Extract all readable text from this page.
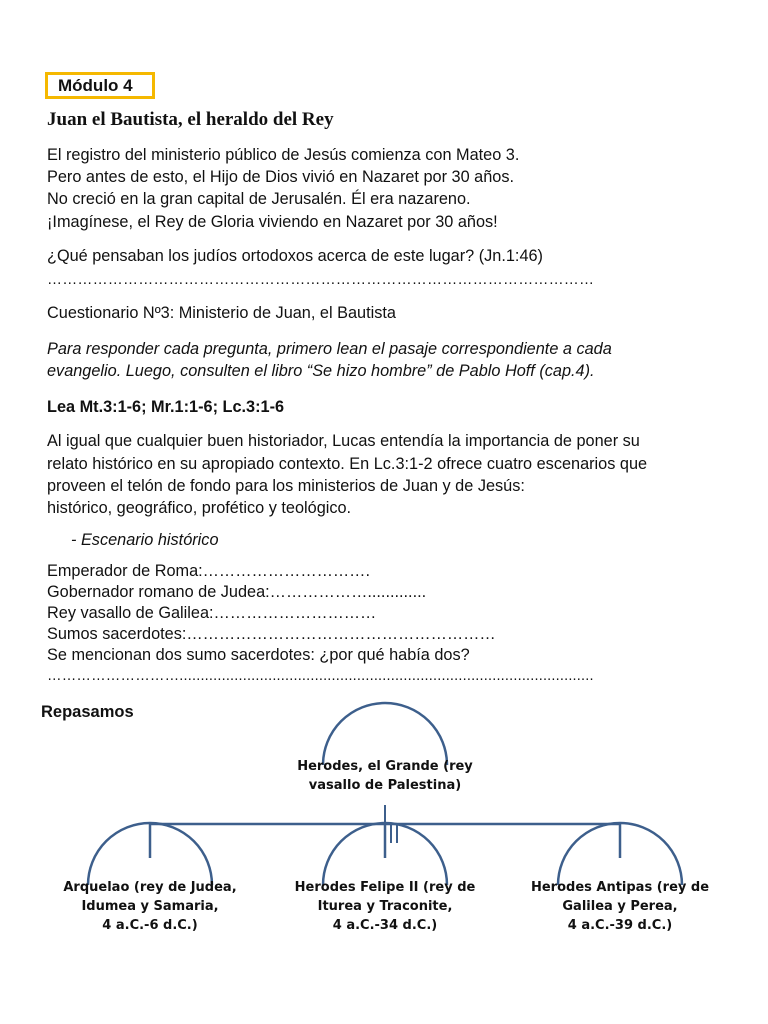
Módulo 4
Juan el Bautista, el heraldo del Rey
El registro del ministerio público de Jesús comienza con Mateo 3.
Pero antes de esto, el Hijo de Dios vivió en Nazaret por 30 años.
No creció en la gran capital de Jerusalén. Él era nazareno.
¡Imagínese, el Rey de Gloria viviendo en Nazaret por 30 años!
¿Qué pensaban los judíos ortodoxos acerca de este lugar? (Jn.1:46)
………………………………………………………………………………………………
Cuestionario Nº3: Ministerio de Juan, el Bautista
Para responder cada pregunta, primero lean el pasaje correspondiente a cada
evangelio. Luego, consulten el libro “Se hizo hombre” de Pablo Hoff (cap.4).
Lea Mt.3:1-6; Mr.1:1-6; Lc.3:1-6
Al igual que cualquier buen historiador, Lucas entendía la importancia de poner su
relato histórico en su apropiado contexto. En Lc.3:1-2 ofrece cuatro escenarios que
proveen el telón de fondo para los ministerios de Juan y de Jesús:
histórico, geográfico, profético y teológico.
- Escenario histórico
Emperador de Roma:………………………….
Gobernador romano de Judea:……………….............
Rey vasallo de Galilea:…………………………
Sumos sacerdotes:…………………………………………………
Se mencionan dos sumo sacerdotes: ¿por qué había dos?
………………………..................................................................................................
Repasamos
Herodes, el Grande (rey
vasallo de Palestina)
Arquelao (rey de Judea,
Idumea y Samaria,
4 a.C.-6 d.C.)
Herodes Felipe II (rey de
Iturea y Traconite,
4 a.C.-34 d.C.)
Herodes Antipas (rey de
Galilea y Perea,
4 a.C.-39 d.C.)
